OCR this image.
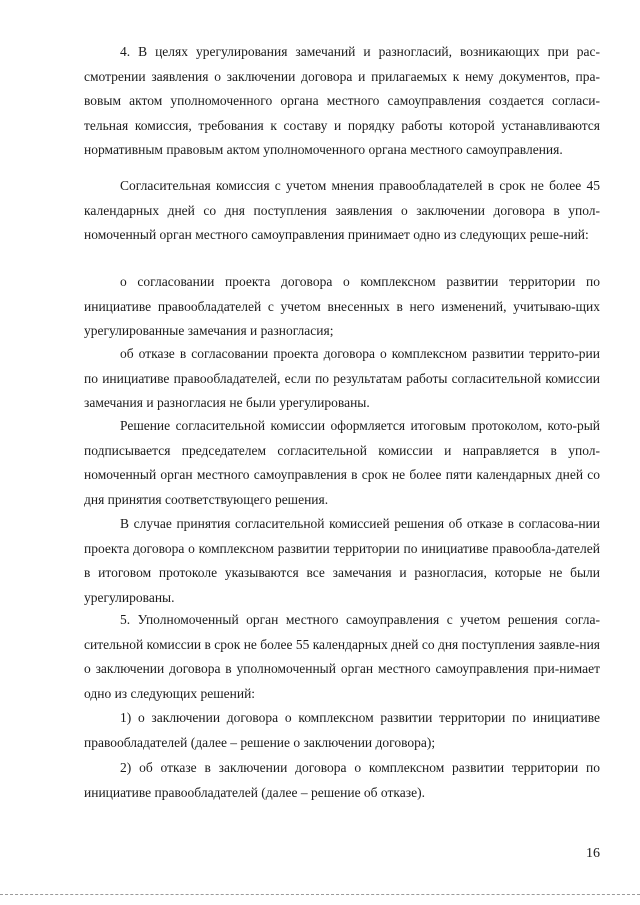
4. В целях урегулирования замечаний и разногласий, возникающих при рас-смотрении заявления о заключении договора и прилагаемых к нему документов, пра-вовым актом уполномоченного органа местного самоуправления создается согласи-тельная комиссия, требования к составу и порядку работы которой устанавливаются нормативным правовым актом уполномоченного органа местного самоуправления.

Согласительная комиссия с учетом мнения правообладателей в срок не более 45 календарных дней со дня поступления заявления о заключении договора в упол-номоченный орган местного самоуправления принимает одно из следующих реше-ний:

о согласовании проекта договора о комплексном развитии территории по инициативе правообладателей с учетом внесенных в него изменений, учитываю-щих урегулированные замечания и разногласия;

об отказе в согласовании проекта договора о комплексном развитии террито-рии по инициативе правообладателей, если по результатам работы согласительной комиссии замечания и разногласия не были урегулированы.

Решение согласительной комиссии оформляется итоговым протоколом, кото-рый подписывается председателем согласительной комиссии и направляется в упол-номоченный орган местного самоуправления в срок не более пяти календарных дней со дня принятия соответствующего решения.

В случае принятия согласительной комиссией решения об отказе в согласова-нии проекта договора о комплексном развитии территории по инициативе правообла-дателей в итоговом протоколе указываются все замечания и разногласия, которые не были урегулированы.

5. Уполномоченный орган местного самоуправления с учетом решения согла-сительной комиссии в срок не более 55 календарных дней со дня поступления заявле-ния о заключении договора в уполномоченный орган местного самоуправления при-нимает одно из следующих решений:

1) о заключении договора о комплексном развитии территории по инициативе правообладателей (далее – решение о заключении договора);

2) об отказе в заключении договора о комплексном развитии территории по инициативе правообладателей (далее – решение об отказе).

16
